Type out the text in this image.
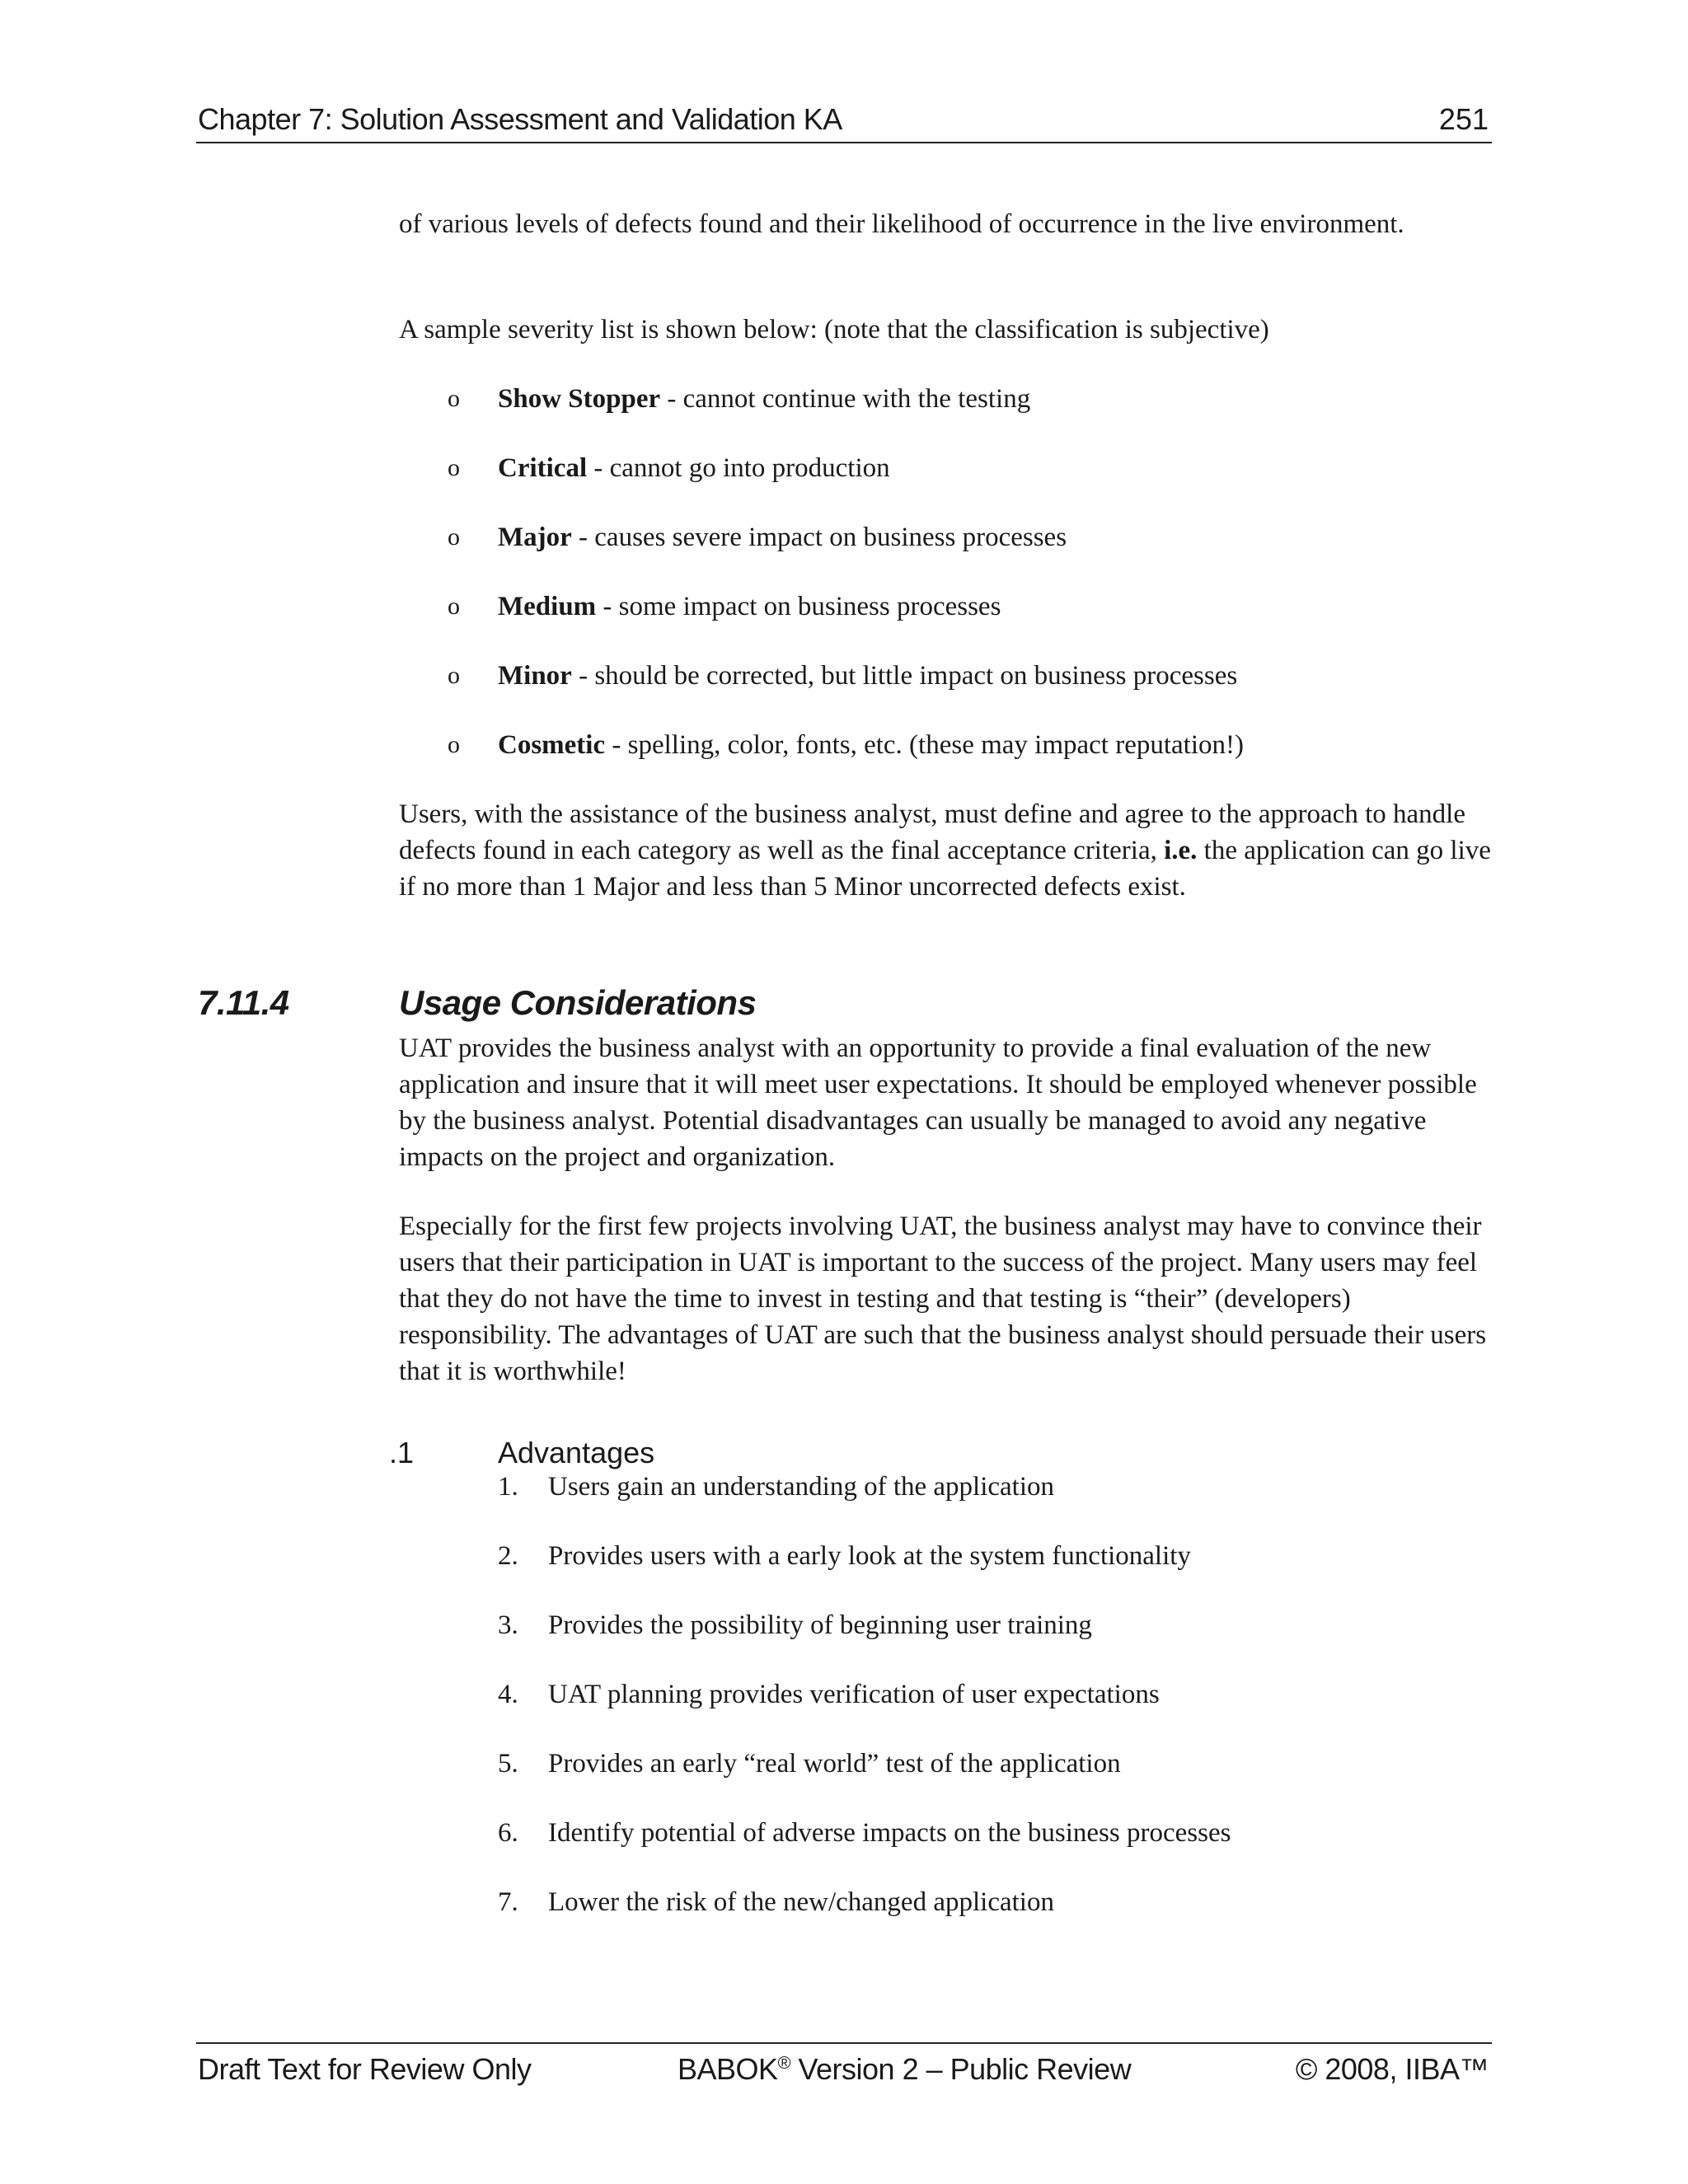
Chapter 7: Solution Assessment and Validation KA	251

of various levels of defects found and their likelihood of occurrence in the live environment.

A sample severity list is shown below: (note that the classification is subjective)

o Show Stopper - cannot continue with the testing
o Critical - cannot go into production
o Major - causes severe impact on business processes
o Medium - some impact on business processes
o Minor - should be corrected, but little impact on business processes
o Cosmetic - spelling, color, fonts, etc. (these may impact reputation!)

Users, with the assistance of the business analyst, must define and agree to the approach to handle defects found in each category as well as the final acceptance criteria, i.e. the application can go live if no more than 1 Major and less than 5 Minor uncorrected defects exist.

7.11.4	Usage Considerations

UAT provides the business analyst with an opportunity to provide a final evaluation of the new application and insure that it will meet user expectations. It should be employed whenever possible by the business analyst. Potential disadvantages can usually be managed to avoid any negative impacts on the project and organization.

Especially for the first few projects involving UAT, the business analyst may have to convince their users that their participation in UAT is important to the success of the project. Many users may feel that they do not have the time to invest in testing and that testing is “their” (developers) responsibility. The advantages of UAT are such that the business analyst should persuade their users that it is worthwhile!

.1	Advantages
1. Users gain an understanding of the application
2. Provides users with a early look at the system functionality
3. Provides the possibility of beginning user training
4. UAT planning provides verification of user expectations
5. Provides an early “real world” test of the application
6. Identify potential of adverse impacts on the business processes
7. Lower the risk of the new/changed application
Draft Text for Review Only	BABOK® Version 2 – Public Review	© 2008, IIBA™
